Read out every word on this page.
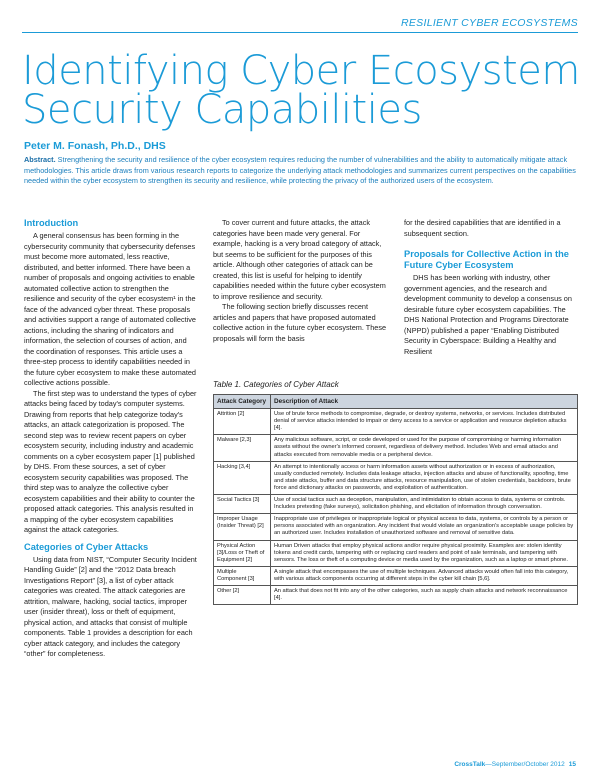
RESILIENT CYBER ECOSYSTEMS
Identifying Cyber Ecosystem Security Capabilities
Peter M. Fonash, Ph.D., DHS
Abstract. Strengthening the security and resilience of the cyber ecosystem requires reducing the number of vulnerabilities and the ability to automatically mitigate attack methodologies. This article draws from various research reports to categorize the underlying attack methodologies and summarizes current perspectives on the capabilities needed within the cyber ecosystem to strengthen its security and resilience, while protecting the privacy of the authorized users of the ecosystem.
Introduction

A general consensus has been forming in the cybersecurity community that cybersecurity defenses must become more automated, less reactive, distributed, and better informed. There have been a number of proposals and ongoing activities to enable automated collective action to strengthen the resilience and security of the cyber ecosystem¹ in the face of the advanced cyber threat. These proposals and activities support a range of automated collective actions, including the sharing of indicators and information, the selection of courses of action, and the coordination of responses. This article uses a three-step process to identify capabilities needed in the future cyber ecosystem to make these automated collective actions possible.

The first step was to understand the types of cyber attacks being faced by today's computer systems. Drawing from reports that help categorize today's attacks, an attack categorization is proposed. The second step was to review recent papers on cyber ecosystem security, including industry and academic comments on a cyber ecosystem paper [1] published by DHS. From these sources, a set of cyber ecosystem security capabilities was proposed. The third step was to analyze the collective cyber ecosystem capabilities and their ability to counter the proposed attack categories. This analysis resulted in a mapping of the cyber ecosystem capabilities against the attack categories.

Categories of Cyber Attacks

Using data from NIST, “Computer Security Incident Handling Guide” [2] and the “2012 Data breach Investigations Report” [3], a list of cyber attack categories was created. The attack categories are attrition, malware, hacking, social tactics, improper user (insider threat), loss or theft of equipment, physical action, and attacks that consist of multiple components. Table 1 provides a description for each cyber attack category, and includes the category “other” for completeness.

To cover current and future attacks, the attack categories have been made very general. For example, hacking is a very broad category of attack, but seems to be sufficient for the purposes of this article. Although other categories of attack can be created, this list is useful for helping to identify capabilities needed within the future cyber ecosystem to improve resilience and security.

The following section briefly discusses recent articles and papers that have proposed automated collective action in the future cyber ecosystem. These proposals will form the basis

for the desired capabilities that are identified in a subsequent section.

Proposals for Collective Action in the Future Cyber Ecosystem

DHS has been working with industry, other government agencies, and the research and development community to develop a consensus on desirable future cyber ecosystem capabilities. The DHS National Protection and Programs Directorate (NPPD) published a paper “Enabling Distributed Security in Cyberspace: Building a Healthy and Resilient

Table 1. Categories of Cyber Attack
Attack Category	Description of Attack
Attrition [2]	Use of brute force methods to compromise, degrade, or destroy systems, networks, or services. Includes distributed denial of service attacks intended to impair or deny access to a service or application and resource depletion attacks [4].
Malware [2,3]	Any malicious software, script, or code developed or used for the purpose of compromising or harming information assets without the owner's informed consent, regardless of delivery method. Includes Web and email attacks and attacks executed from removable media or a peripheral device.
Hacking [3,4]	An attempt to intentionally access or harm information assets without authorization or in excess of authorization, usually conducted remotely. Includes data leakage attacks, injection attacks and abuse of functionality, spoofing, time and state attacks, buffer and data structure attacks, resource manipulation, use of stolen credentials, backdoors, brute force and dictionary attacks on passwords, and exploitation of authentication.
Social Tactics [3]	Use of social tactics such as deception, manipulation, and intimidation to obtain access to data, systems or controls. Includes pretexting (fake surveys), solicitation phishing, and elicitation of information through conversation.
Improper Usage (Insider Threat) [2]	Inappropriate use of privileges or inappropriate logical or physical access to data, systems, or controls by a person or persons associated with an organization. Any incident that would violate an organization's acceptable usage policies by an authorized user. Includes installation of unauthorized software and removal of sensitive data.
Physical Action [3]/Loss or Theft of Equipment [2]	Human Driven attacks that employ physical actions and/or require physical proximity. Examples are: stolen identity tokens and credit cards, tampering with or replacing card readers and point of sale terminals, and tampering with sensors. The loss or theft of a computing device or media used by the organization, such as a laptop or smart phone.
Multiple Component [3]	A single attack that encompasses the use of multiple techniques. Advanced attacks would often fall into this category, with various attack components occurring at different steps in the cyber kill chain [5,6].
Other [2]	An attack that does not fit into any of the other categories, such as supply chain attacks and network reconnaissance [4].
CrossTalk—September/October 2012 15
